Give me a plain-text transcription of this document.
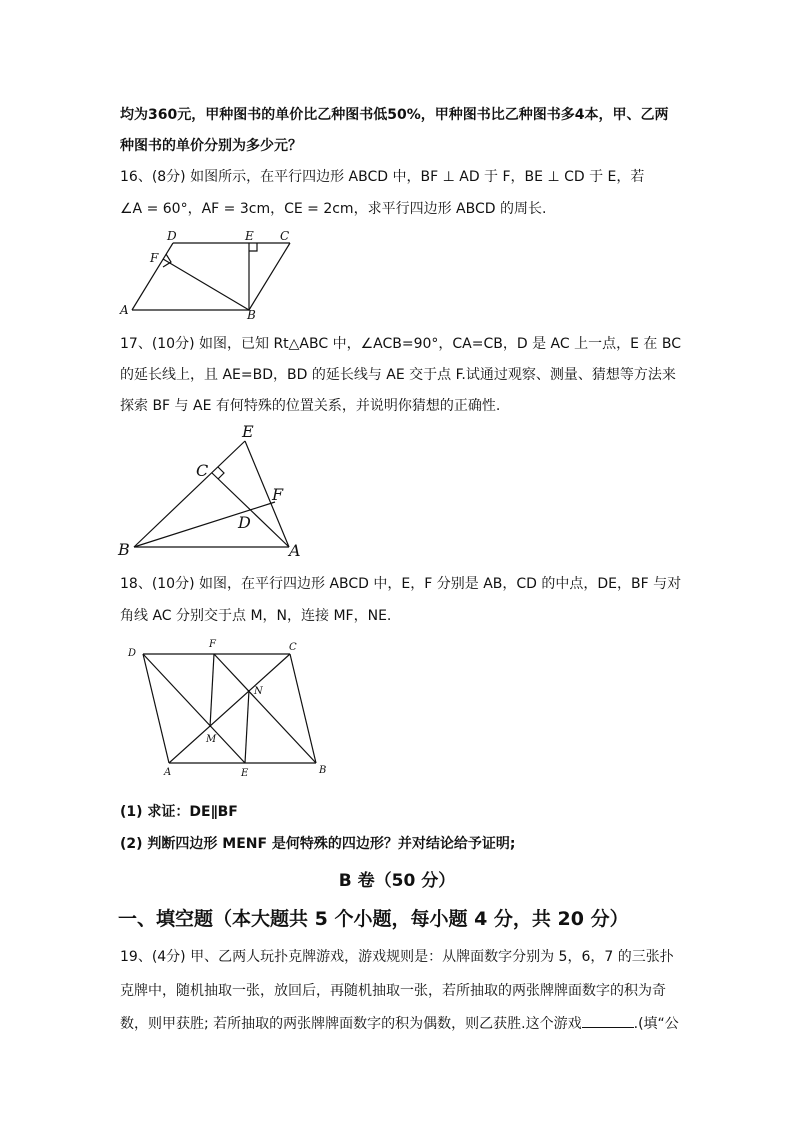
均为360元，甲种图书的单价比乙种图书低50%，甲种图书比乙种图书多4本，甲、乙两
种图书的单价分别为多少元？
16、(8分) 如图所示，在平行四边形 ABCD 中，BF ⊥ AD 于 F，BE ⊥ CD 于 E，若
∠A = 60°，AF = 3cm，CE = 2cm，求平行四边形 ABCD 的周长.
D	E C
F
A	B
17、(10分) 如图，已知 Rt△ABC 中，∠ACB=90°，CA=CB，D 是 AC 上一点，E 在 BC
的延长线上，且 AE=BD，BD 的延长线与 AE 交于点 F.试通过观察、测量、猜想等方法来
探索 BF 与 AE 有何特殊的位置关系，并说明你猜想的正确性.
E
C
F
D
B	A
18、(10分) 如图，在平行四边形 ABCD 中，E，F 分别是 AB，CD 的中点，DE，BF 与对
角线 AC 分别交于点 M，N，连接 MF，NE.
D
F	C
N
M
A	E	B
(1) 求证：DE∥BF
(2) 判断四边形 MENF 是何特殊的四边形？并对结论给予证明;
B 卷（50 分）
一、填空题（本大题共 5 个小题，每小题 4 分，共 20 分）
19、(4分) 甲、乙两人玩扑克牌游戏，游戏规则是：从牌面数字分别为 5，6，7 的三张扑
克牌中，随机抽取一张，放回后，再随机抽取一张，若所抽取的两张牌牌面数字的积为奇
数，则甲获胜; 若所抽取的两张牌牌面数字的积为偶数，则乙获胜.这个游戏	.(填“公
